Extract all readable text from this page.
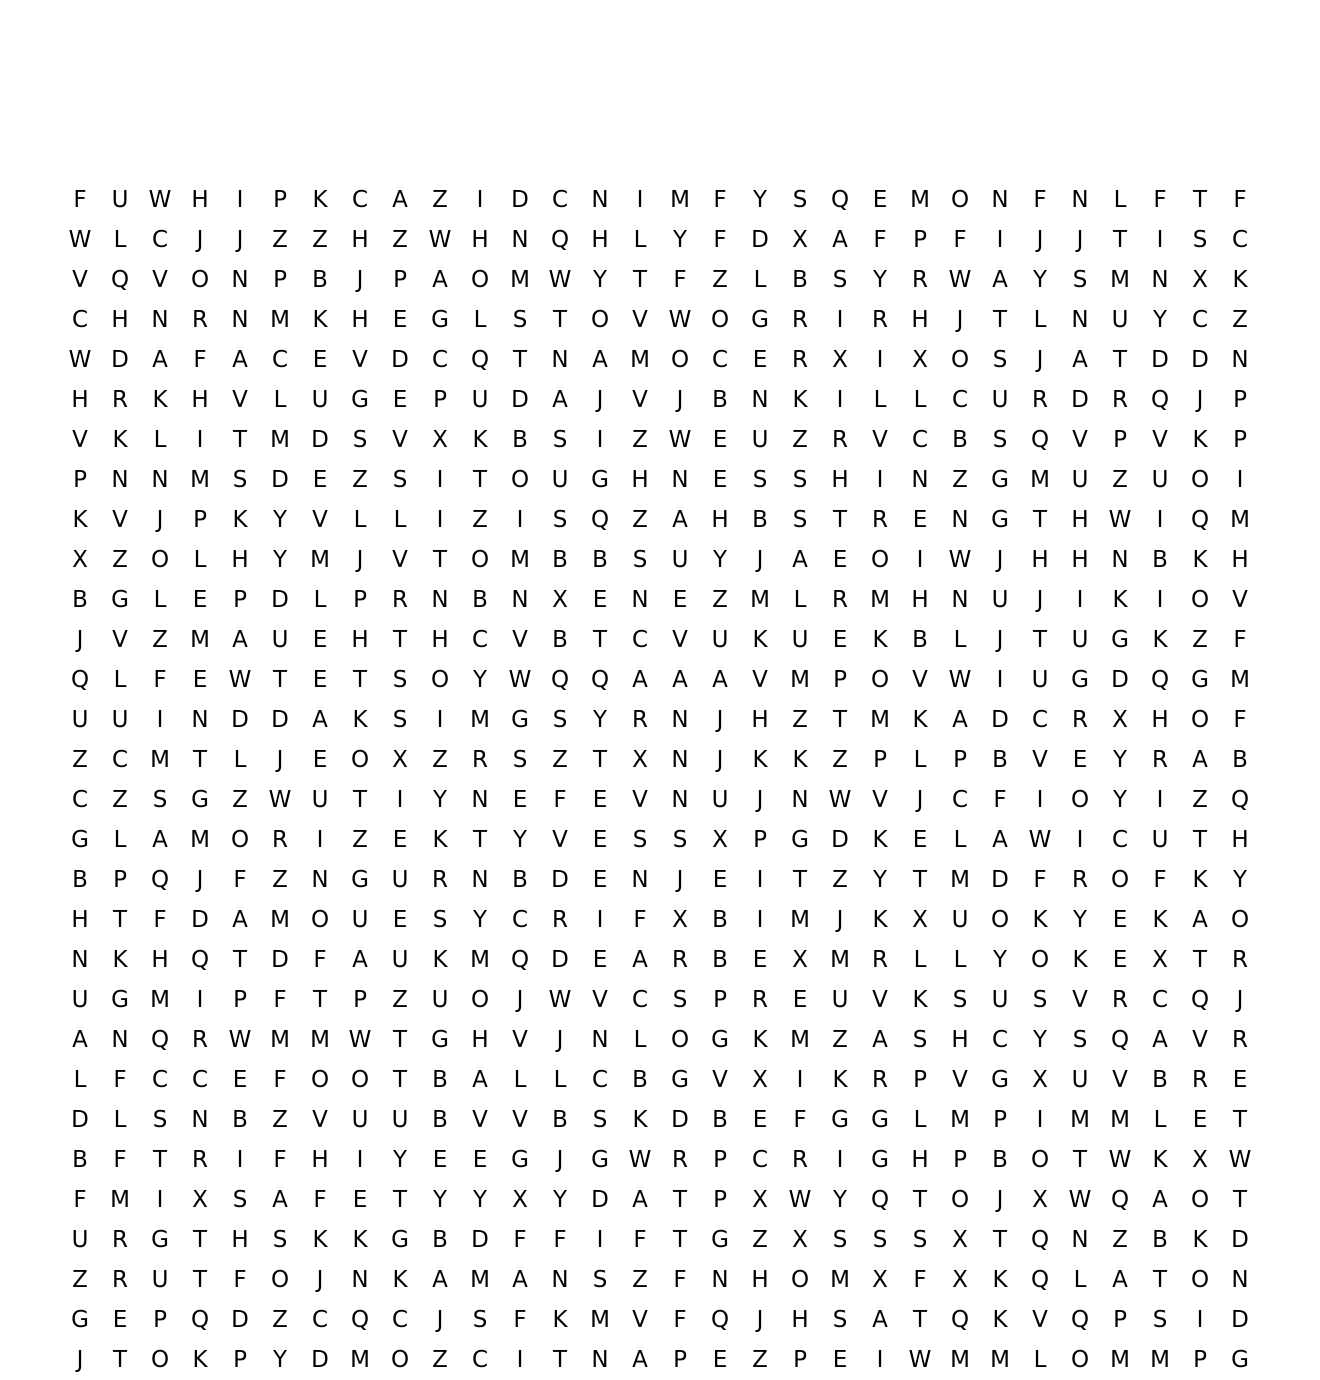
F	U W H	I	P	K	C	A	Z	I	D	C	N	I	M	F	Y	S	Q	E M O N	F	N	L	F	T	F
W L	C	J	J	Z	Z	H	Z W H N Q H	L	Y	F	D	X	A	F	P	F	I	J	J	T	I	S	C
V	Q	V	O N	P	B	J	P	A	O M W Y	T	F	Z	L	B	S	Y	R W A	Y	S M N	X	K
C	H N	R	N M K	H	E	G	L	S	T	O	V W O G	R	I	R	H	J	T	L	N U	Y	C	Z
W D	A	F	A	C	E	V	D	C Q	T	N	A M O C	E	R	X	I	X	O	S	J	A	T	D D N
H	R	K	H	V	L	U G	E	P	U D	A	J	V	J	B	N	K	I	L	L	C	U	R	D	R Q	J	P
V	K	L	I	T	M D	S	V	X	K	B	S	I	Z W E	U	Z	R	V	C	B	S	Q	V	P	V	K	P
P	N N M S	D	E	Z	S	I	T	O U G H N	E	S	S	H	I	N	Z	G M U	Z	U O	I
K	V	J	P	K	Y	V	L	L	I	Z	I	S	Q	Z	A	H	B	S	T	R	E	N G	T	H W	I	Q M
X	Z	O	L	H	Y	M	J	V	T	O M B	B	S	U	Y	J	A	E	O	I	W	J	H H N	B	K	H
B	G	L	E	P	D	L	P	R	N	B	N	X	E	N	E	Z M	L	R M H N U	J	I	K	I	O	V
J	V	Z M A	U	E	H	T	H	C	V	B	T	C	V	U	K	U	E	K	B	L	J	T	U G	K	Z	F
Q	L	F	E W T	E	T	S	O	Y W Q Q	A	A	A	V M	P	O	V W	I	U G D Q G M
U	U	I	N D D	A	K	S	I	M G	S	Y	R	N	J	H	Z	T	M K	A	D	C	R	X	H O	F
Z	C M	T	L	J	E	O	X	Z	R	S	Z	T	X	N	J	K	K	Z	P	L	P	B	V	E	Y	R	A	B
C	Z	S	G	Z W U	T	I	Y	N	E	F	E	V	N U	J	N W V	J	C	F	I	O	Y	I	Z	Q
G	L	A M O R	I	Z	E	K	T	Y	V	E	S	S	X	P	G D	K	E	L	A W	I	C	U	T	H
B	P	Q	J	F	Z	N G U	R	N	B	D	E	N	J	E	I	T	Z	Y	T	M D	F	R O	F	K	Y
H	T	F	D	A M O U	E	S	Y	C	R	I	F	X	B	I	M	J	K	X	U O	K	Y	E	K	A	O
N	K	H Q	T	D	F	A	U	K M Q D	E	A	R	B	E	X M R	L	L	Y	O	K	E	X	T	R
U G M	I	P	F	T	P	Z	U O	J	W V	C	S	P	R	E	U	V	K	S	U	S	V	R	C Q	J
A	N Q R W M M W T	G H	V	J	N	L	O G	K M Z	A	S	H	C	Y	S	Q	A	V	R
L	F	C	C	E	F	O O	T	B	A	L	L	C	B	G	V	X	I	K	R	P	V	G	X	U	V	B	R	E
D	L	S	N	B	Z	V	U	U	B	V	V	B	S	K	D	B	E	F	G G	L	M	P	I	M M	L	E	T
B	F	T	R	I	F	H	I	Y	E	E	G	J	G W R	P	C	R	I	G H	P	B	O	T W K	X W
F	M	I	X	S	A	F	E	T	Y	Y	X	Y	D	A	T	P	X W Y	Q	T	O	J	X W Q	A	O	T
U	R	G	T	H	S	K	K	G	B	D	F	F	I	F	T	G	Z	X	S	S	S	X	T	Q N	Z	B	K	D
Z	R	U	T	F	O	J	N	K	A M A	N	S	Z	F	N H O M X	F	X	K	Q	L	A	T	O N
G	E	P	Q D	Z	C Q C	J	S	F	K M V	F	Q	J	H	S	A	T	Q	K	V	Q	P	S	I	D
J	T	O	K	P	Y	D M O	Z	C	I	T	N	A	P	E	Z	P	E	I	W M M	L	O M M	P	G
